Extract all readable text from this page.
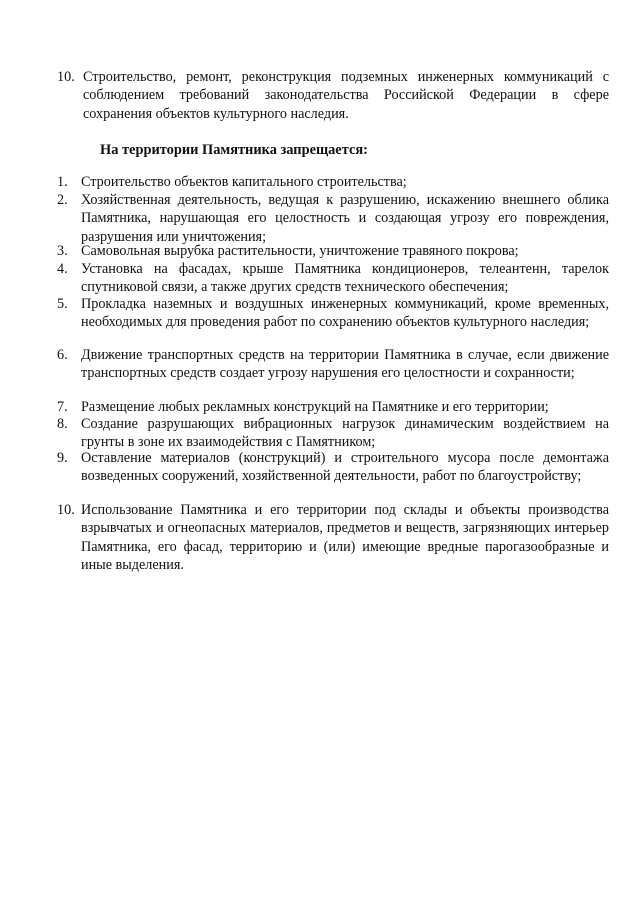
10. Строительство, ремонт, реконструкция подземных инженерных коммуникаций с соблюдением требований законодательства Российской Федерации в сфере сохранения объектов культурного наследия.
На территории Памятника запрещается:
1. Строительство объектов капитального строительства;
2. Хозяйственная деятельность, ведущая к разрушению, искажению внешнего облика Памятника, нарушающая его целостность и создающая угрозу его повреждения, разрушения или уничтожения;
3. Самовольная вырубка растительности, уничтожение травяного покрова;
4. Установка на фасадах, крыше Памятника кондиционеров, телеантенн, тарелок спутниковой связи, а также других средств технического обеспечения;
5. Прокладка наземных и воздушных инженерных коммуникаций, кроме временных, необходимых для проведения работ по сохранению объектов культурного наследия;
6. Движение транспортных средств на территории Памятника в случае, если движение транспортных средств создает угрозу нарушения его целостности и сохранности;
7. Размещение любых рекламных конструкций на Памятнике и его территории;
8. Создание разрушающих вибрационных нагрузок динамическим воздействием на грунты в зоне их взаимодействия с Памятником;
9. Оставление материалов (конструкций) и строительного мусора после демонтажа возведенных сооружений, хозяйственной деятельности, работ по благоустройству;
10. Использование Памятника и его территории под склады и объекты производства взрывчатых и огнеопасных материалов, предметов и веществ, загрязняющих интерьер Памятника, его фасад, территорию и (или) имеющие вредные парогазообразные и иные выделения.
